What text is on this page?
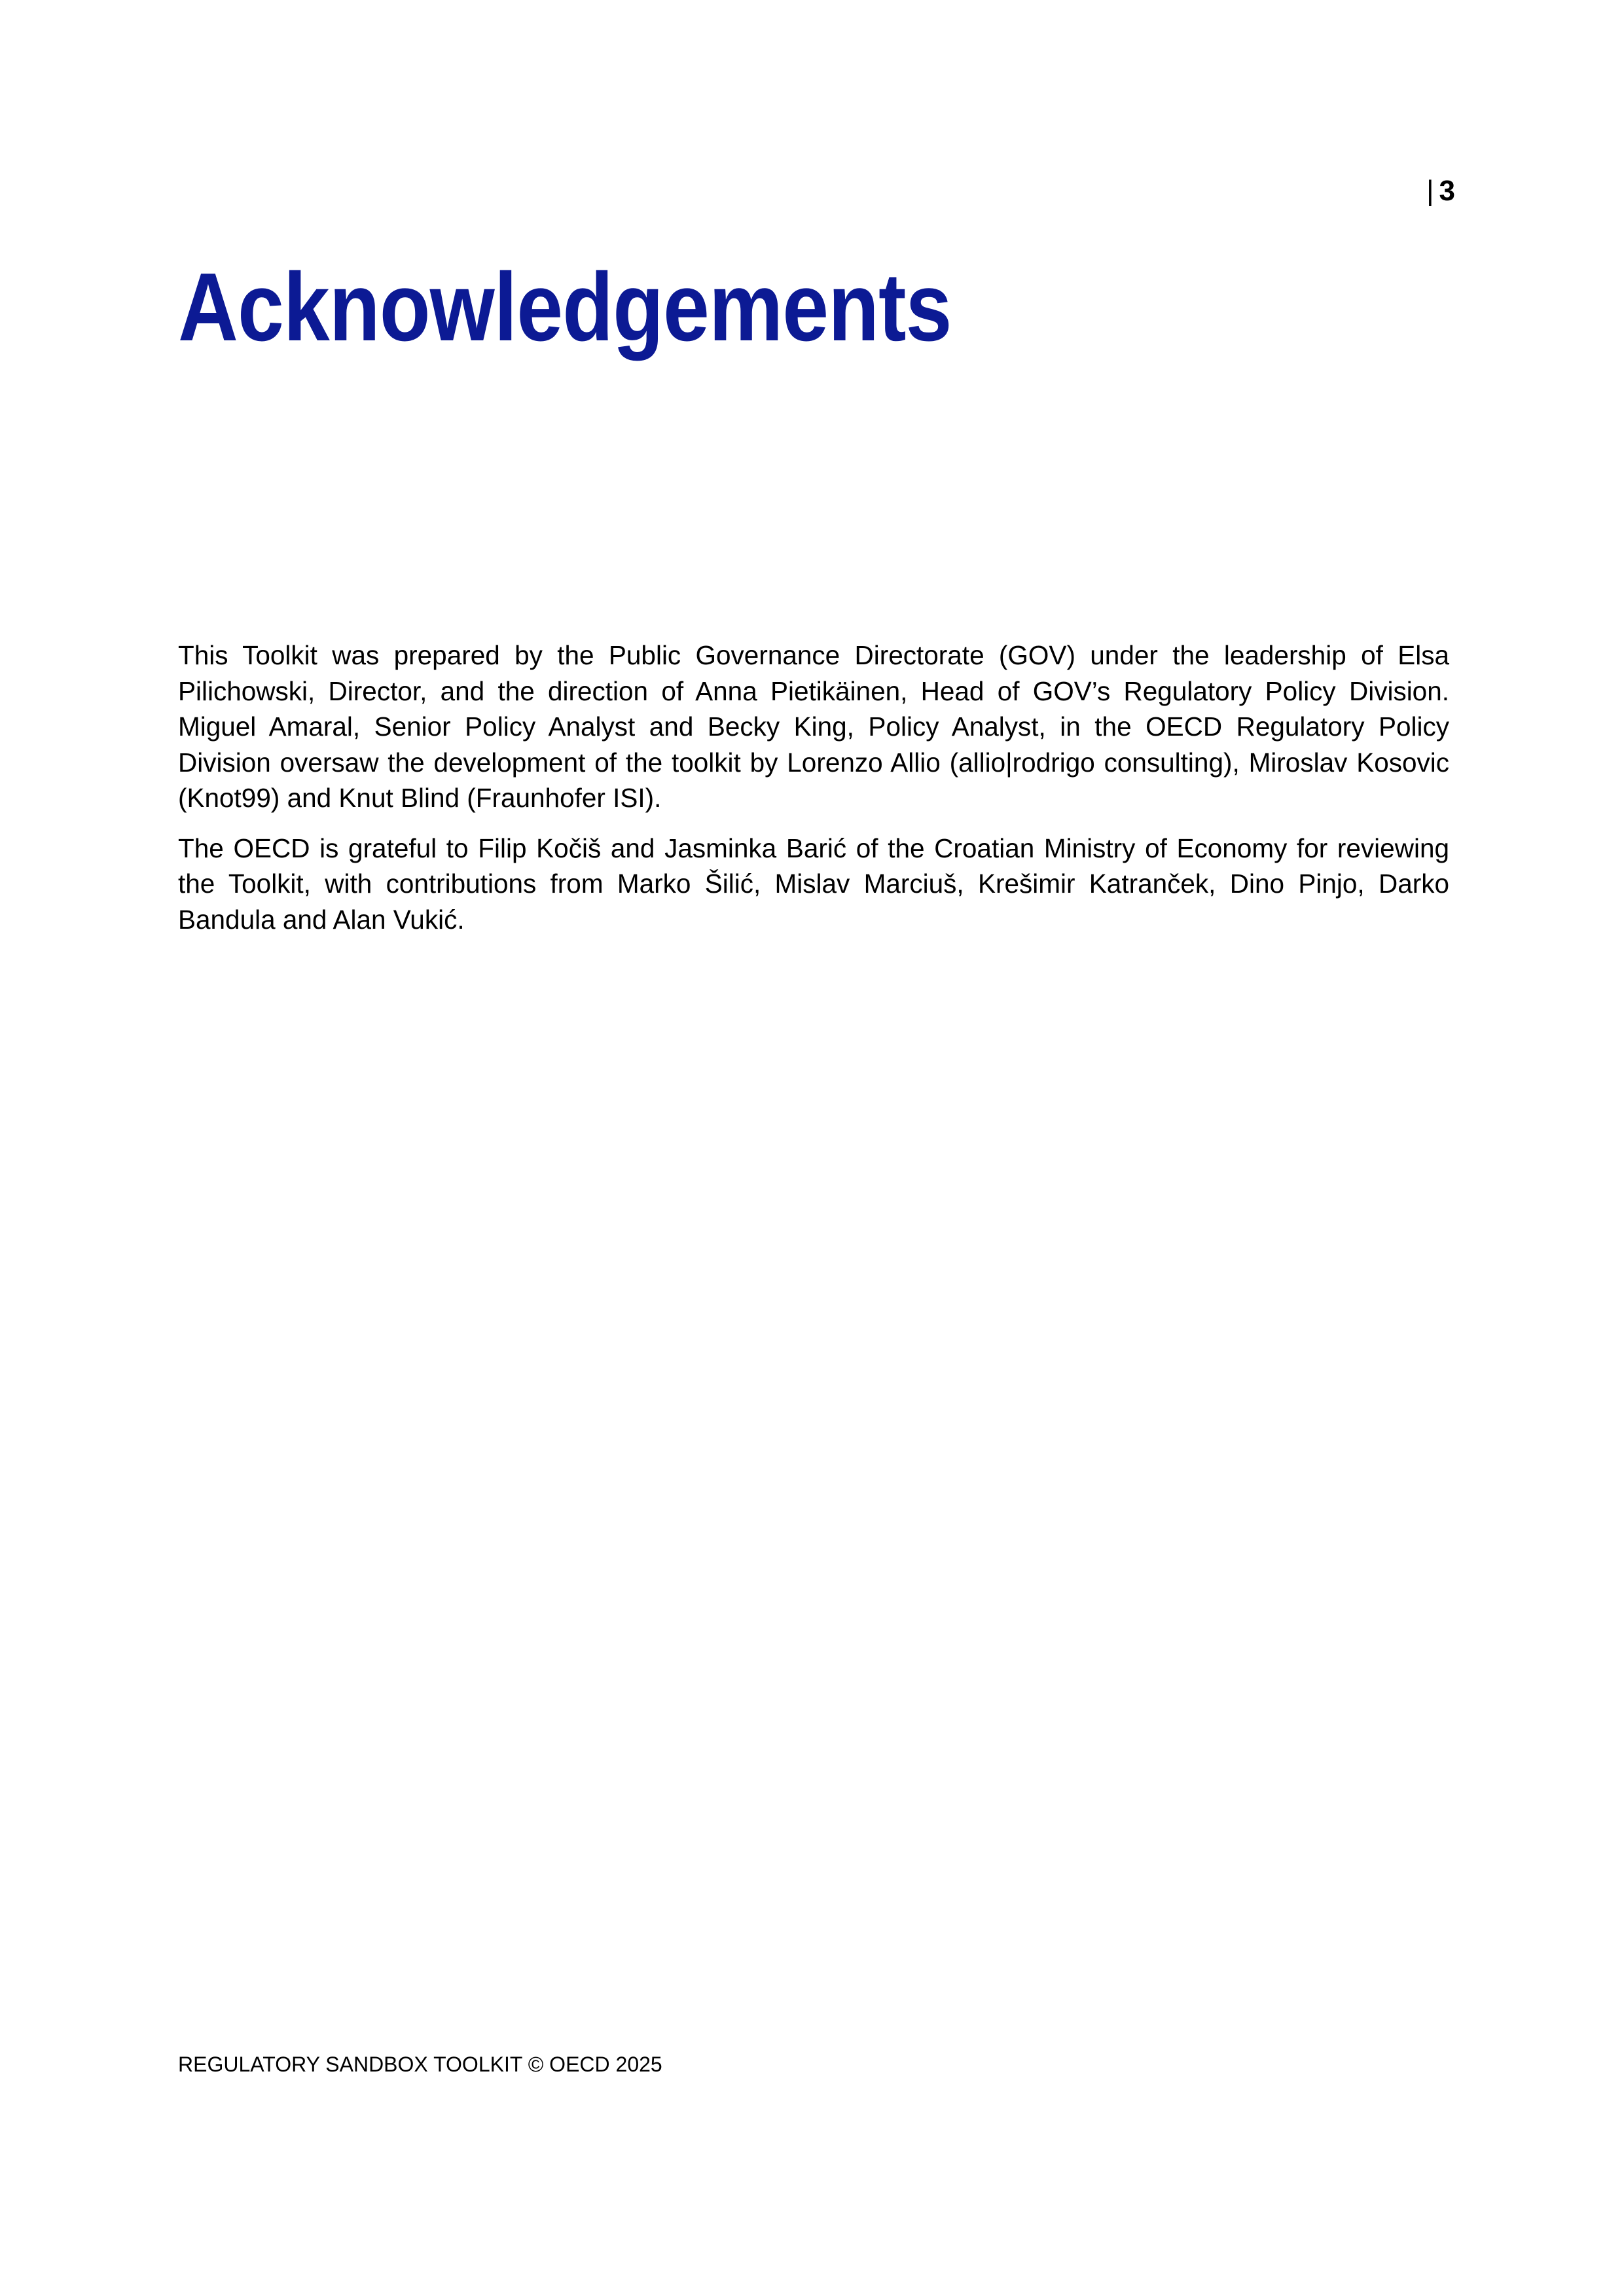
| 3
Acknowledgements

This Toolkit was prepared by the Public Governance Directorate (GOV) under the leadership of Elsa Pilichowski, Director, and the direction of Anna Pietikäinen, Head of GOV’s Regulatory Policy Division. Miguel Amaral, Senior Policy Analyst and Becky King, Policy Analyst, in the OECD Regulatory Policy Division oversaw the development of the toolkit by Lorenzo Allio (allio|rodrigo consulting), Miroslav Kosovic (Knot99) and Knut Blind (Fraunhofer ISI).

The OECD is grateful to Filip Kočiš and Jasminka Barić of the Croatian Ministry of Economy for reviewing the Toolkit, with contributions from Marko Šilić, Mislav Marciuš, Krešimir Katranček, Dino Pinjo, Darko Bandula and Alan Vukić.

REGULATORY SANDBOX TOOLKIT © OECD 2025
